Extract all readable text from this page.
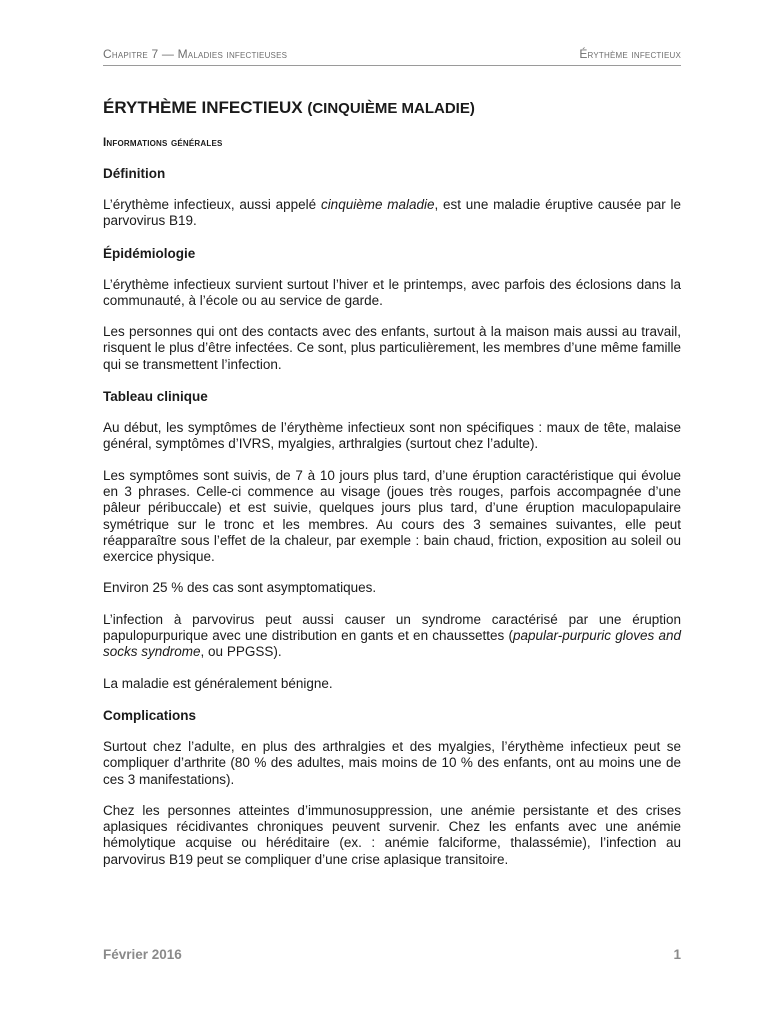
Chapitre 7 — Maladies infectieuses	Érythème infectieux
ÉRYTHÈME INFECTIEUX (CINQUIÈME MALADIE)
Informations générales
Définition

L’érythème infectieux, aussi appelé cinquième maladie, est une maladie éruptive causée par le parvovirus B19.

Épidémiologie

L’érythème infectieux survient surtout l’hiver et le printemps, avec parfois des éclosions dans la communauté, à l’école ou au service de garde.

Les personnes qui ont des contacts avec des enfants, surtout à la maison mais aussi au travail, risquent le plus d’être infectées. Ce sont, plus particulièrement, les membres d’une même famille qui se transmettent l’infection.

Tableau clinique

Au début, les symptômes de l’érythème infectieux sont non spécifiques : maux de tête, malaise général, symptômes d’IVRS, myalgies, arthralgies (surtout chez l’adulte).

Les symptômes sont suivis, de 7 à 10 jours plus tard, d’une éruption caractéristique qui évolue en 3 phrases. Celle-ci commence au visage (joues très rouges, parfois accompagnée d’une pâleur péribuccale) et est suivie, quelques jours plus tard, d’une éruption maculopapulaire symétrique sur le tronc et les membres. Au cours des 3 semaines suivantes, elle peut réapparaître sous l’effet de la chaleur, par exemple : bain chaud, friction, exposition au soleil ou exercice physique.

Environ 25 % des cas sont asymptomatiques.

L’infection à parvovirus peut aussi causer un syndrome caractérisé par une éruption papulopurpurique avec une distribution en gants et en chaussettes (papular-purpuric gloves and socks syndrome, ou PPGSS).

La maladie est généralement bénigne.

Complications

Surtout chez l’adulte, en plus des arthralgies et des myalgies, l’érythème infectieux peut se compliquer d’arthrite (80 % des adultes, mais moins de 10 % des enfants, ont au moins une de ces 3 manifestations).

Chez les personnes atteintes d’immunosuppression, une anémie persistante et des crises aplasiques récidivantes chroniques peuvent survenir. Chez les enfants avec une anémie hémolytique acquise ou héréditaire (ex. : anémie falciforme, thalassémie), l’infection au parvovirus B19 peut se compliquer d’une crise aplasique transitoire.

Février 2016	1
